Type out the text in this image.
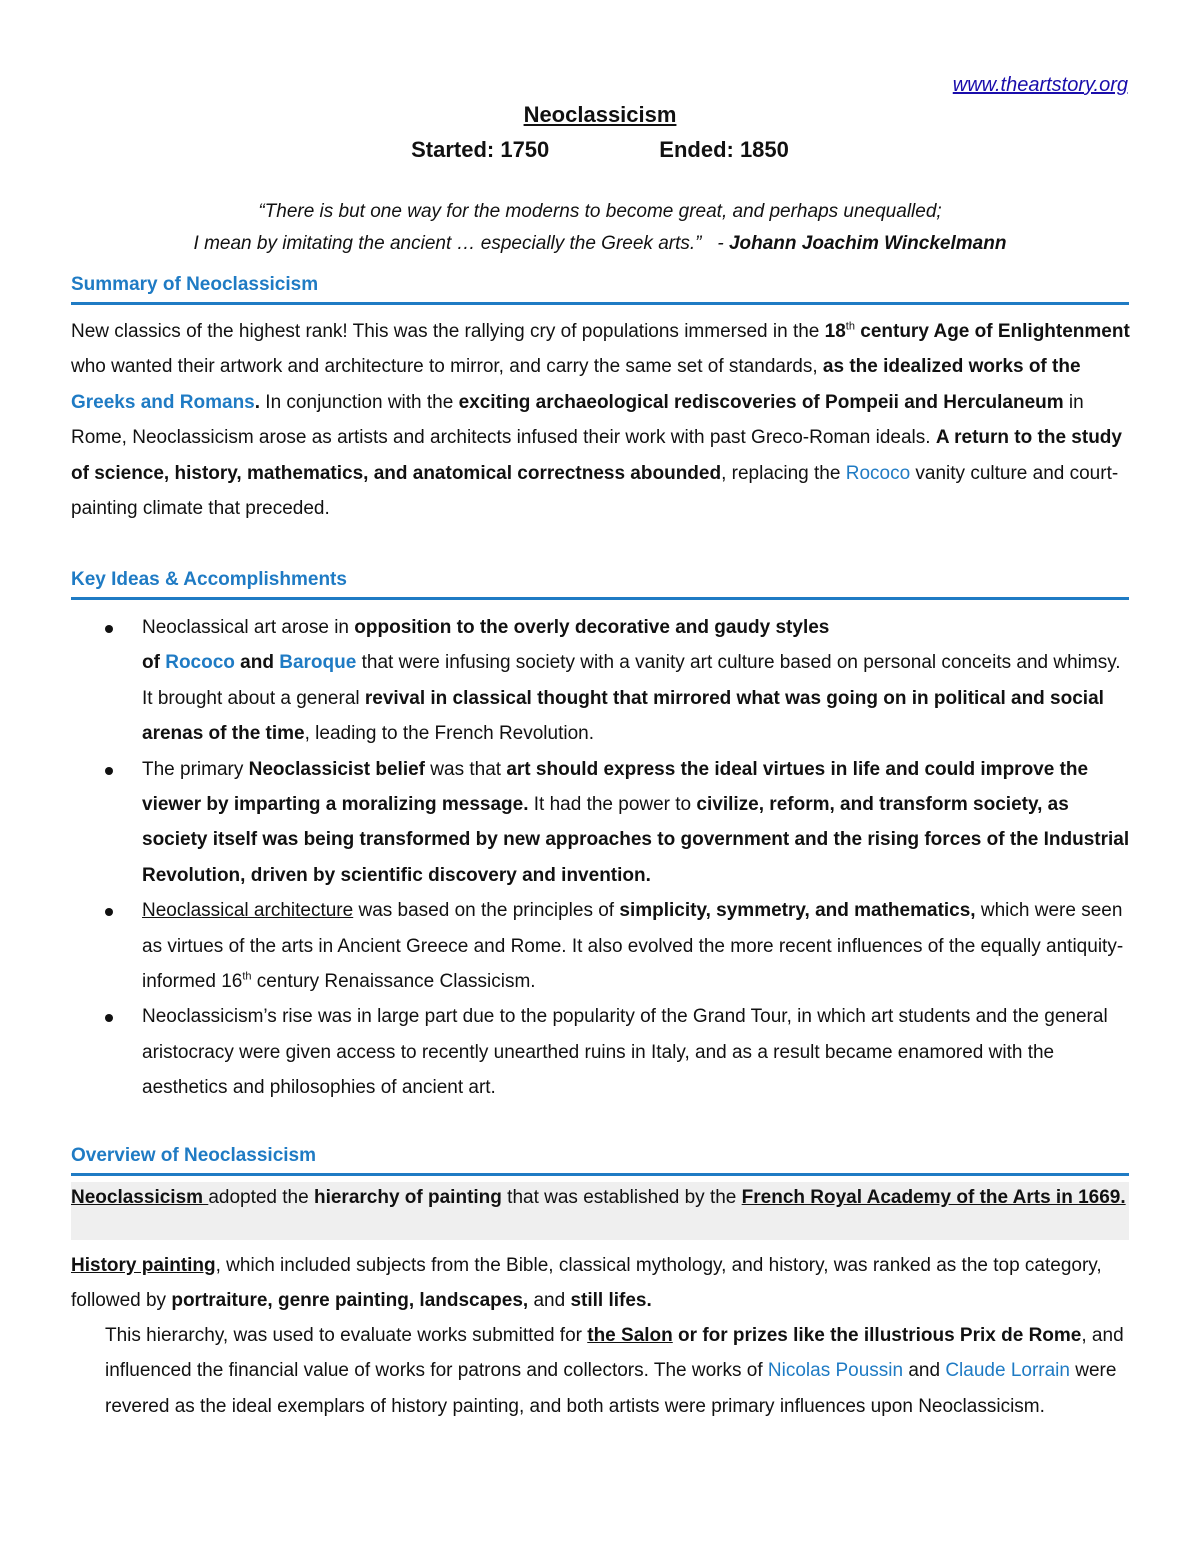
www.theartstory.org
Neoclassicism
Started: 1750	Ended: 1850
“There is but one way for the moderns to become great, and perhaps unequalled;
I mean by imitating the ancient … especially the Greek arts.”   - Johann Joachim Winckelmann
Summary of Neoclassicism
New classics of the highest rank! This was the rallying cry of populations immersed in the 18th century Age of Enlightenment who wanted their artwork and architecture to mirror, and carry the same set of standards, as the idealized works of the Greeks and Romans. In conjunction with the exciting archaeological rediscoveries of Pompeii and Herculaneum in Rome, Neoclassicism arose as artists and architects infused their work with past Greco-Roman ideals. A return to the study of science, history, mathematics, and anatomical correctness abounded, replacing the Rococo vanity culture and court-painting climate that preceded.
Key Ideas & Accomplishments
Neoclassical art arose in opposition to the overly decorative and gaudy styles
of Rococo and Baroque that were infusing society with a vanity art culture based on personal conceits and whimsy. It brought about a general revival in classical thought that mirrored what was going on in political and social arenas of the time, leading to the French Revolution.
The primary Neoclassicist belief was that art should express the ideal virtues in life and could improve the viewer by imparting a moralizing message. It had the power to civilize, reform, and transform society, as society itself was being transformed by new approaches to government and the rising forces of the Industrial Revolution, driven by scientific discovery and invention.
Neoclassical architecture was based on the principles of simplicity, symmetry, and mathematics, which were seen as virtues of the arts in Ancient Greece and Rome. It also evolved the more recent influences of the equally antiquity-informed 16th century Renaissance Classicism.
Neoclassicism’s rise was in large part due to the popularity of the Grand Tour, in which art students and the general aristocracy were given access to recently unearthed ruins in Italy, and as a result became enamored with the aesthetics and philosophies of ancient art.
Overview of Neoclassicism
Neoclassicism adopted the hierarchy of painting that was established by the French Royal Academy of the Arts in 1669.
History painting, which included subjects from the Bible, classical mythology, and history, was ranked as the top category, followed by portraiture, genre painting, landscapes, and still lifes.
This hierarchy, was used to evaluate works submitted for the Salon or for prizes like the illustrious Prix de Rome, and influenced the financial value of works for patrons and collectors. The works of Nicolas Poussin and Claude Lorrain were revered as the ideal exemplars of history painting, and both artists were primary influences upon Neoclassicism.
